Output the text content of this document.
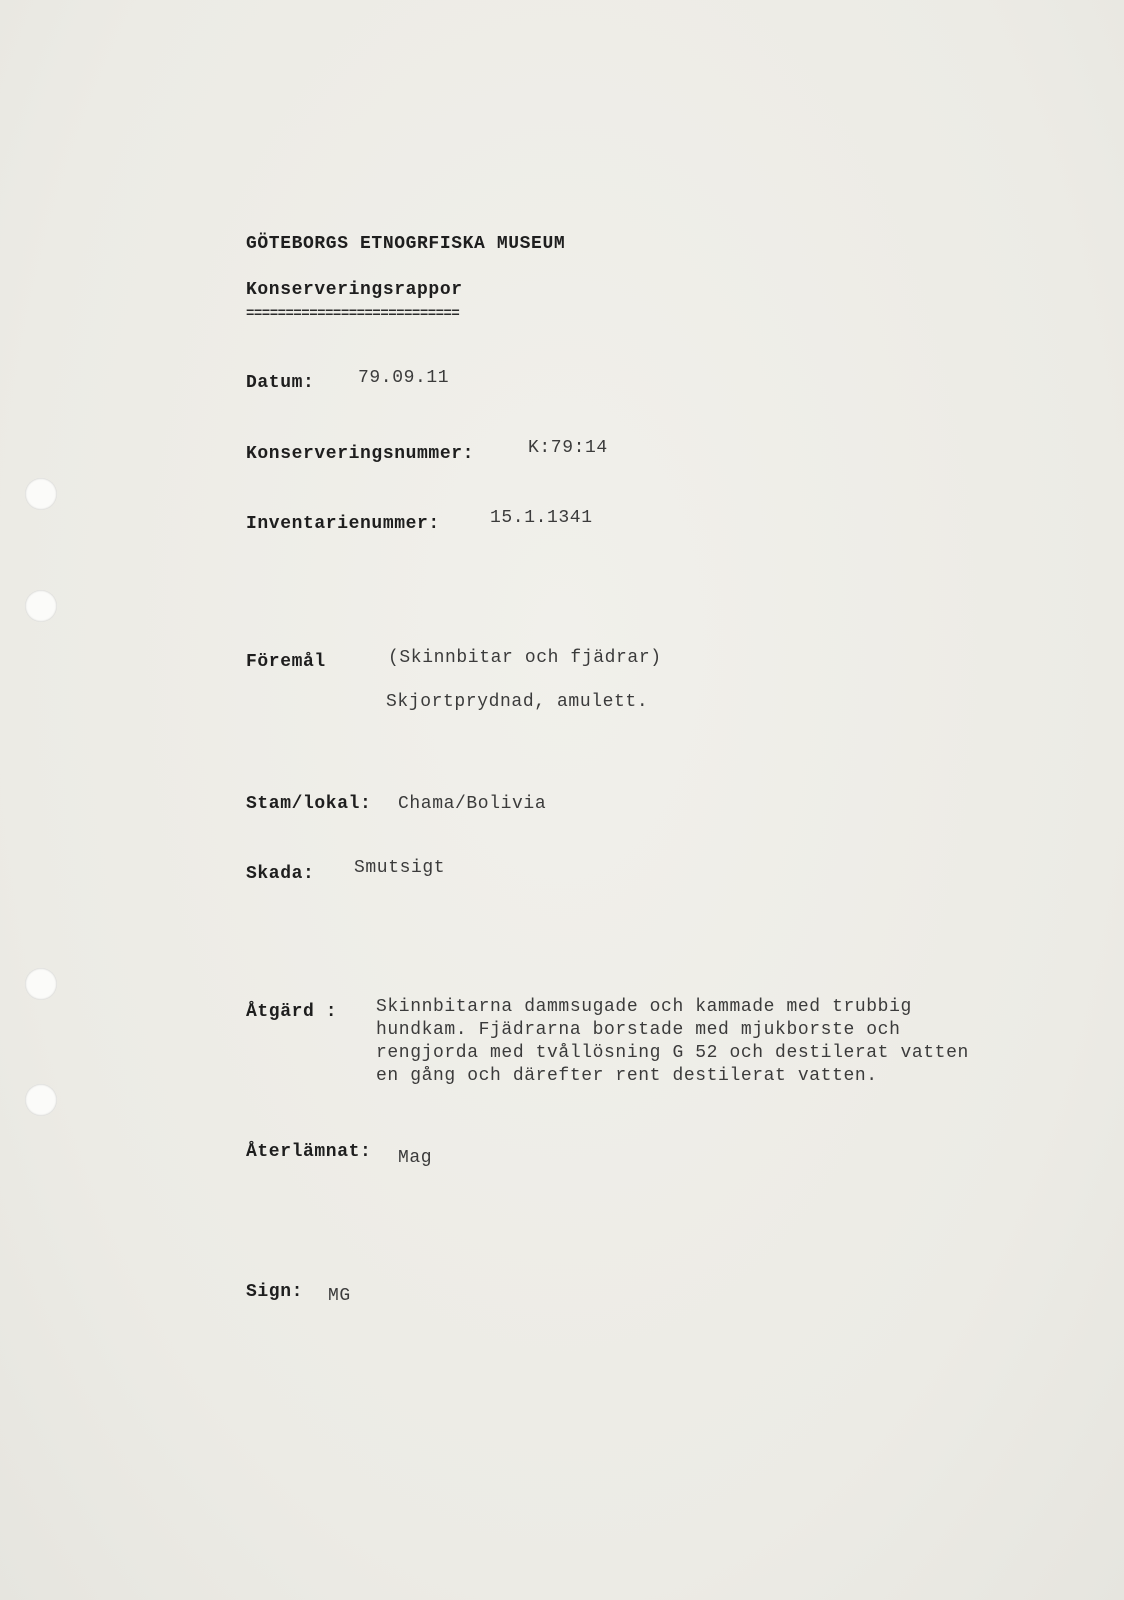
GÖTEBORGS ETNOGRFISKA MUSEUM
Konserveringsrappor
===========================
Datum: 79.09.11
Konserveringsnummer:	K:79:14
Inventarienummer:	15.1.1341
Föremål	(Skinnbitar och fjädrar)
Skjortprydnad, amulett.
Stam/lokal: Chama/Bolivia
Skada: Smutsigt
Åtgärd : Skinnbitarna dammsugade och kammade med trubbig
hundkam. Fjädrarna borstade med mjukborste och
rengjorda med tvållösning G 52 och destilerat vatten
en gång och därefter rent destilerat vatten.
Återlämnat: Mag
Sign: MG
